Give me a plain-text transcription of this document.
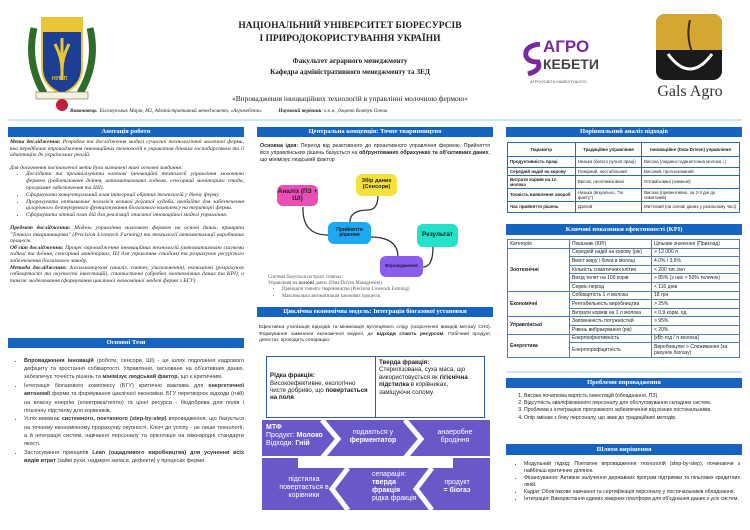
НУБіП
НАЦІОНАЛЬНИЙ УНІВЕРСИТЕТ БІОРЕСУРСІВ
І ПРИРОДОКОРИСТУВАННЯ УКРАЇНИ
Факультет аграрного менеджменту
Кафедра адміністративного менеджменту та ЗЕД
«Впровадження інноваційних технологій в управлінні молочною фермою»
Виконавець: Білозерських Марія, М2, Адміністративний менеджмент, «Агрокебети»	Науковий керівник: к.е.н., доцент Ковтун Олена
АГРО
КЕБЕТИ
АГРООСВІТА МАЙБУТНЬОГО
Gals Agro
Анотація роботи

Мета дослідження: Розробка та дослідження моделі сучасної технологічної молочної ферми, яка передбачає впровадження інноваційних технологій в управління діючим господарством та її адаптацію до українських реалій.

Для досягнення поставленої мети були визначені такі основні завдання:

• Дослідити та проаналізувати ключові інноваційні технології управління молочною фермою (роботизоване доїння, автоматизована годівля, сенсорний моніторинг стада, програмне забезпечення та ШІ).
• Сформувати концептуальний план інтеграції обраних технологій у діючу ферму.
• Прорахувати оптимальне поголів'я великої рогатої худоби, необхідне для забезпечення цілорічного безперервного функціонування біогазового комплексу на території ферми.
• Сформувати чіткий план дій для реалізації описаної інноваційної моделі управління.

Предмет дослідження: Модель управління молочною фермою на основі даних, принципи "Точного тваринництва" (Precision Livestock Farming) та технології автоматизації виробничих процесів.

Об'єкт дослідження: Процес впровадження інноваційних технологій (автоматизовані системи годівлі та доїння, сенсорний моніторинг, ПЗ для управління стадом) та розрахунок ресурсного забезпечення біогазового заводу.

Методи дослідження: Загальнонаукові (аналіз, синтез, узагальнення), економічні (розрахунок собівартості та окупності інвестицій), статистичні (обробка зоотехнічних даних та KPI), а також моделювання (формування циклічної економічної моделі ферми з БГУ).

Основні Тези
• Впровадження інновацій (роботи, сенсори, ШІ) - це шлях подолання кадрового дефіциту та зростання собівартості. Управління, засноване на об'єктивних даних, забезпечує точність рішень та мінімізує людський фактор, що є критичним.
• Інтеграція біогазового комплексу (БГУ) критично важлива для енергетичної автономії ферми та формування циклічної економіки. БГУ перетворює відходи (гній) на власну енергію (електрика/тепло) та цінні ресурси - біодобрива для полів і гігієнічну підстилку для корівників.
• Успіх вимагає системного, поетапного (step-by-step) впровадження, що базується на точному економічному прорахунку окупності. Ключ до успіху - не лише технології, а й інтеграція систем, навчання персоналу та орієнтація на міжнародні стандарти якості.
• Застосування принципів Lean (ощадливого виробництва) для усунення всіх видів втрат (зайві рухи, надмірні запаси, дефекти) у процесах ферми.
Центральна концепція: Точне тваринництво
Основна ідея: Перехід від реактивного до проактивного управління фермою. Прийняття всіх управлінських рішень базується на обґрунтованих обрахунках та об'єктивних даних, що мінімізує людський фактор
Аналіз (ПЗ + ШІ)
Збір даних (Сенсори)
Прийняття рішення	Результат
Впровадження
Система базується на трьох стовпах:
Управління на основі даних (Data-Driven Management)
• Принципи точного тваринництва (Precision Livestock Farming)
• Максимальна автоматизація ключових процесів.
Циклічна економічна модель: Інтеграція біогазової установки
Ефективна утилізація відходів та мінімізація вуглецевого сліду (скорочення викидів метану CH4). Формування замкненої економічної моделі, де відходи стають ресурсом. Побічний продукт, дигестат, проходить сепарацію:
Рідка фракція:
Високоефективне, екологічно чисте добриво, що повертається на поля.
Тверда фракція:
Стерилізована, суха маса, що використовується як гігієнічна підстилка в корівниках, заміщуючи солому.
МТФ
Продукт: Молоко
Відходи: Гній
подаються у
ферментатор
анаеробне бродіння
продукт
= біогаз
сепарація:
тверда фракція
рідка фракція
підстилка повертається в корівники
Порівняльний аналіз підходів
Параметр	Традиційне управління	Інноваційне (Data-Driven) управління
Продуктивність праці	Низька (багато ручної праці)	Висока (людино-година/тонна молока ↓)
Середній надій на корову	Помірний, нестабільний	Високий, прогнозований
Витрати кормів на 1л молока	Високі, неоптимізовані	Оптимізовані (знижені)
Точність виявлення хвороб	Низька (візуально, "по факту")	Висока (превентивно, за 2-3 дні до симптомів)
Час прийняття рішень	Довгий	Миттєвий (на основі даних у реальному часі)
Ключові показники ефективності (KPI)
Категорія	Показник (KPI)	Цільове значення (Приклад)
Зоотехнічні	Середній надій на корову (рік)	> 12 000 л
	Вміст жиру / білка в молоці	4.0% / 3.5%
	Кількість соматичних клітин	< 200 тис./мл
	Вихід телят на 100 корів	> 85% (з них > 50% теличок)
	Сервіс-період	< 110 днів
Економічні	Собівартість 1 л молока	18 грн
	Рентабельність виробництва	> 25%
	Витрати кормів на 1 л молока	< 0.9 корм. од.
Управлінські	Заповненість потужностей	> 95%
	Рівень вибракування (рік)	< 20%
Енергетика	Енергоефективність	[кВт-год / л молока]
	Енергопрофіцитність	Виробництво > Споживання (за рахунок біогазу)
Проблеми впровадження
1. Висока початкова вартість інвестицій (обладнання, ПЗ).
2. Відсутність кваліфікованого персоналу для обслуговування складних систем.
3. Проблеми з інтеграцією програмного забезпечення від різних постачальників.
4. Опір змінам з боку персоналу, що звик до традиційних методів.
Шляхи вирішення
• Модульний підхід: Поетапне впровадження технологій (step-by-step), починаючи з найбільш критичних ділянок.
• Фінансування: Активне залучення державних програм підтримки та пільгових кредитних ліній.
• Кадри: Обов'язкове навчання та сертифікація персоналу у постачальників обладнання.
• Інтеграція: Використання єдиних хмарних платформ для об'єднання даних з усіх систем.
